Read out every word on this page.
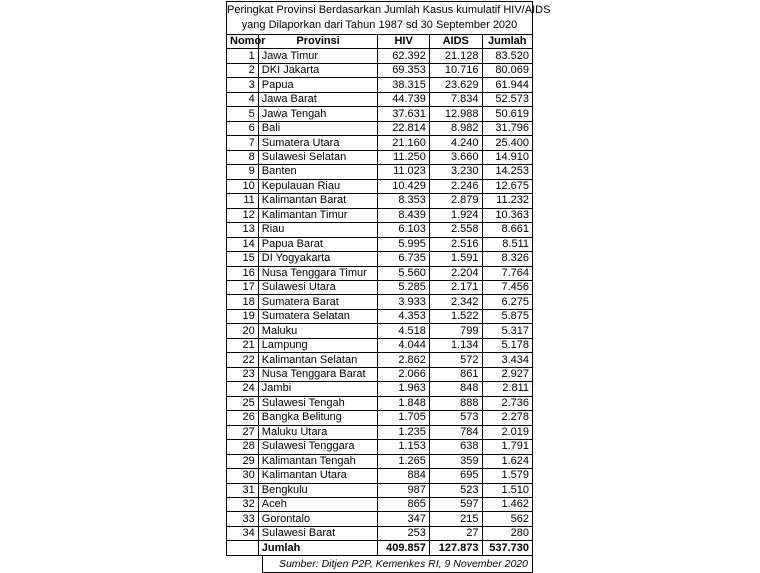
Peringkat Provinsi Berdasarkan Jumlah Kasus kumulatif HIV/AIDS
yang Dilaporkan dari Tahun 1987 sd 30 September 2020
Nomor	Provinsi	HIV	AIDS	Jumlah
1	Jawa Timur	62.392	21.128	83.520
2	DKI Jakarta	69.353	10.716	80.069
3	Papua	38.315	23.629	61.944
4	Jawa Barat	44.739	7.834	52.573
5	Jawa Tengah	37.631	12.988	50.619
6	Bali	22.814	8.982	31.796
7	Sumatera Utara	21.160	4.240	25.400
8	Sulawesi Selatan	11.250	3.660	14.910
9	Banten	11.023	3.230	14.253
10	Kepulauan Riau	10.429	2.246	12.675
11	Kalimantan Barat	8.353	2.879	11.232
12	Kalimantan Timur	8.439	1.924	10.363
13	Riau	6.103	2.558	8.661
14	Papua Barat	5.995	2.516	8.511
15	DI Yogyakarta	6.735	1.591	8.326
16	Nusa Tenggara Timur	5.560	2.204	7.764
17	Sulawesi Utara	5.285	2.171	7.456
18	Sumatera Barat	3.933	2.342	6.275
19	Sumatera Selatan	4.353	1.522	5.875
20	Maluku	4.518	799	5.317
21	Lampung	4.044	1.134	5.178
22	Kalimantan Selatan	2.862	572	3.434
23	Nusa Tenggara Barat	2.066	861	2.927
24	Jambi	1.963	848	2.811
25	Sulawesi Tengah	1.848	888	2.736
26	Bangka Belitung	1.705	573	2.278
27	Maluku Utara	1.235	784	2.019
28	Sulawesi Tenggara	1.153	638	1.791
29	Kalimantan Tengah	1.265	359	1.624
30	Kalimantan Utara	884	695	1.579
31	Bengkulu	987	523	1.510
32	Aceh	865	597	1.462
33	Gorontalo	347	215	562
34	Sulawesi Barat	253	27	280
	Jumlah	409.857	127.873	537.730
Sumber: Ditjen P2P, Kemenkes RI, 9 November 2020
